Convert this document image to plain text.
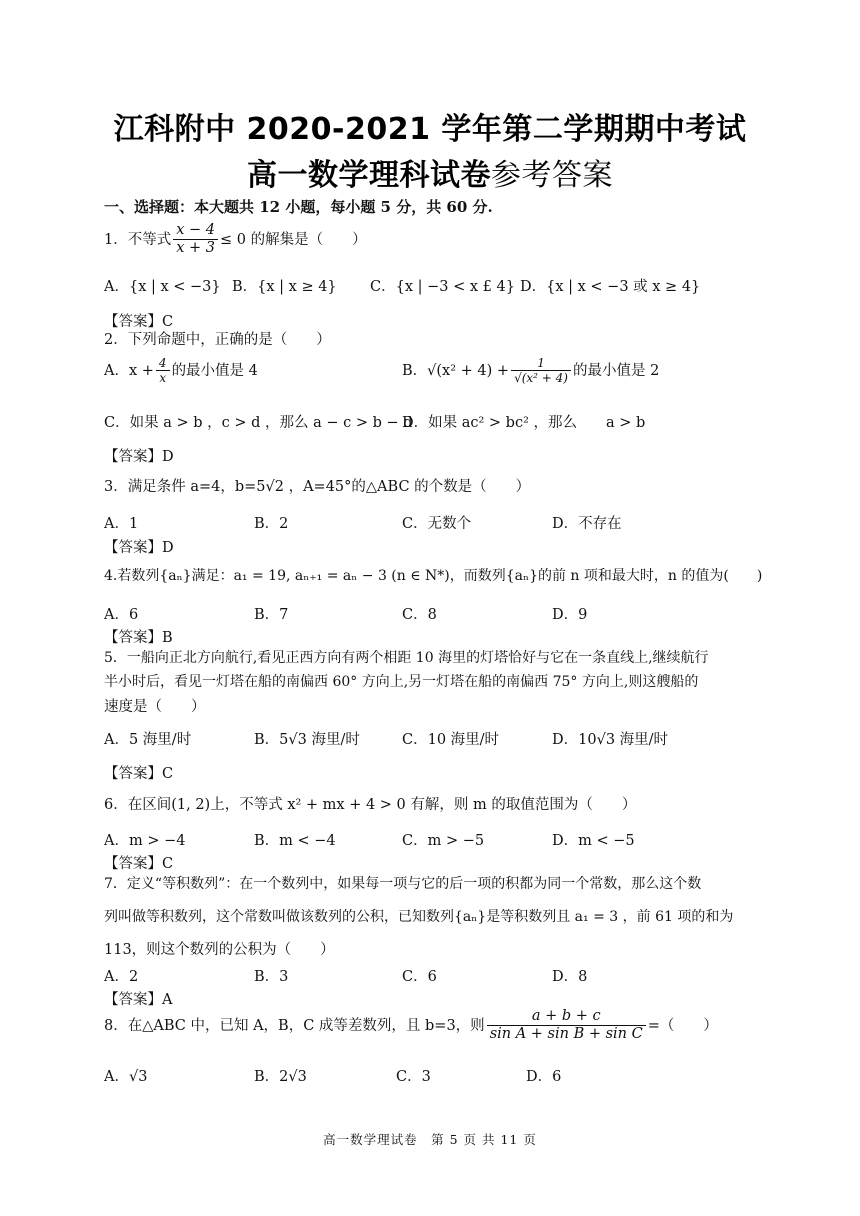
江科附中 2020-2021 学年第二学期期中考试
高一数学理科试卷参考答案
一、选择题：本大题共 12 小题，每小题 5 分，共 60 分.
1．不等式 $\frac{x - 4}{x + 3} \le 0$ 的解集是（　　）
A．{x | x < −3} B．{x | x ≥ 4} C．{x | −3 < x £ 4} D．{x | x < −3 或 x ≥ 4}
【答案】C
2．下列命题中，正确的是（　　）
A．$x + \frac{4}{x}$ 的最小值是 4	B．$√(x^2 + 4) + \frac{1}{\text{√(x² + 4)}}$ 的最小值是 2
C．如果 a > b ，c > d ，那么 a − c > b − d
D．如果 ac² > bc² ，那么　　a > b
【答案】D
3．满足条件 a=4，b=5√2 ，A=45°的△ABC 的个数是（　　）
A．1	B．2	C．无数个	D．不存在
【答案】D
4.若数列{aₙ}满足：a₁ = 19, aₙ₊₁ = aₙ − 3 (n ∈ N*)，而数列{aₙ}的前 n 项和最大时，n 的值为(　　)
A．6	B．7	C．8	D．9
【答案】B
5．一船向正北方向航行,看见正西方向有两个相距 10 海里的灯塔恰好与它在一条直线上,继续航行
半小时后，看见一灯塔在船的南偏西 60° 方向上,另一灯塔在船的南偏西 75° 方向上,则这艘船的
速度是（　　）
A．5 海里/时	B．5√3 海里/时	C．10 海里/时	D．10√3 海里/时
【答案】C
6．在区间(1, 2)上，不等式 x² + mx + 4 > 0 有解，则 m 的取值范围为（　　）
A．m > −4	B．m < −4	C．m > −5	D．m < −5
【答案】C
7．定义“等积数列”：在一个数列中，如果每一项与它的后一项的积都为同一个常数，那么这个数
列叫做等积数列，这个常数叫做该数列的公积，已知数列{aₙ}是等积数列且 a₁ = 3 ，前 61 项的和为
113，则这个数列的公积为（　　）
A．2	B．3	C．6	D．8
【答案】A
8．在△ABC 中，已知 A，B，C 成等差数列，且 b=3，则 $\frac{a + b + c}{\text{sin A + sin B + sin C}}$ =（　　）
A．√3	B．2√3	C．3	D．6
高一数学理试卷　第 5 页 共 11 页
